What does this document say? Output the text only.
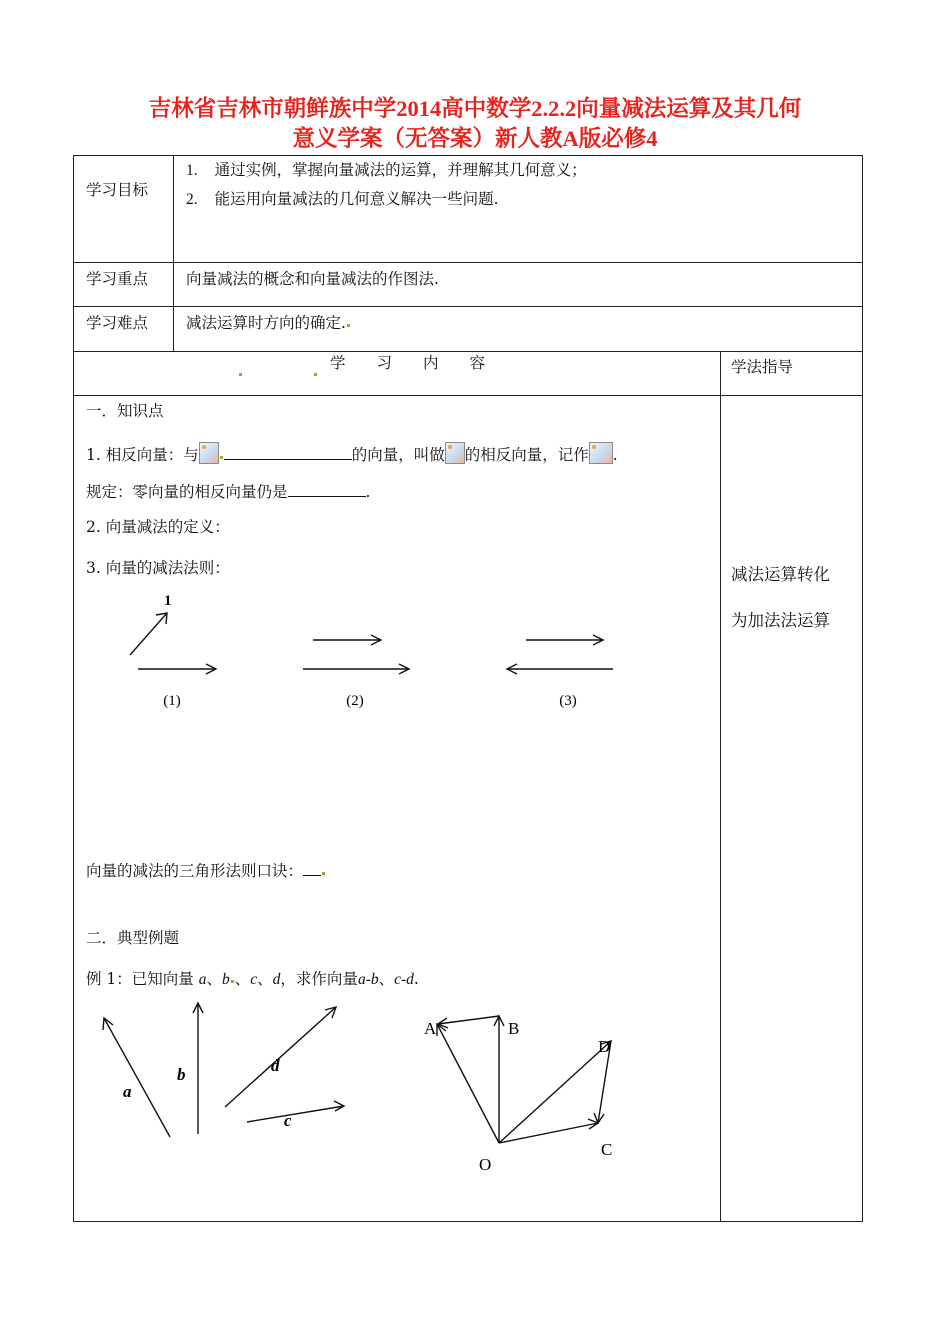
吉林省吉林市朝鲜族中学2014高中数学2.2.2向量减法运算及其几何
意义学案（无答案）新人教A版必修4
学习目标
1. 通过实例，掌握向量减法的运算，并理解其几何意义；
2. 能运用向量减法的几何意义解决一些问题.
学习重点 向量减法的概念和向量减法的作图法.
学习难点 减法运算时方向的确定.

学　　习　　内　　容	学法指导
一．知识点
1. 相反向量：与	的向量，叫做 的相反向量，记作 .
规定：零向量的相反向量仍是	.
2. 向量减法的定义：
3. 向量的减法法则：
1
(1)	(2)	(3)
向量的减法的三角形法则口诀：
二．典型例题
例 1：已知向量 a、b 、c、d，求作向量a-b、c-d.
a
b	d
c
A	B
D
C
O
减法运算转化
为加法法运算
